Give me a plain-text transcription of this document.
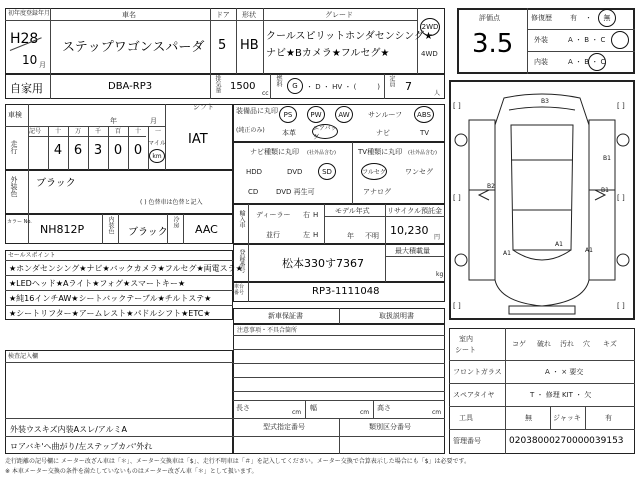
初年度登録年月
H28
10 月
車名
ステップワゴンスパーダ
ドア
5
形状
HB
グレード
クールスピリットホンダセンシング★
ナビ★Bカメラ★フルセグ★
2WD
4WD
評価点
3.5
修復歴	有 ・	無
外装	A ・ B ・ C
内装	A ・ B ・ C
自家用	DBA-RP3	排気量 1500
cc
燃料	G	・ D ・ HV ・ (　　　) 定員 7
人
車検
年	月
シフト
IAT
走行
記号	十	万	千	百	十	一
4 6 3 0 0 マイル
km
外装色 ブラック
( ) 色替車は色替と記入
カラー No.
NH812P	内装色 ブラック
冷房
AAC
セールスポイント
★ホンダセンシング★ナビ★バックカメラ★フルセグ★両電スラ★
★LEDヘッド★Aライト★フォグ★スマートキー★
★純16インチAW★シートバックテーブル★チルトステ★
★シートリフター★アームレスト★パドルシフト★ETC★
検査記入欄
外装ウスキズ内装Aスレ/アルミA
ロアバキ'ヘ曲がり/左ステップカバ'外れ
装備品に丸印
(純正のみ)
PS	PW	AW	サンルーフ	ABS
本革
エアバッグ	ナビ	TV
ナビ種類に丸印 (社外品含む)
HDD	DVD	SD
CD	DVD 再生可
TV種類に丸印 (社外品含む)
フルセグ	ワンセグ
アナログ
輸入車 ディーラー
並行
右 H
左 H
モデル年式
年 不明
リサイクル預託金
10,230
円
登録番号	松本330す7367
最大積載量
kg
車台番号	RP3-1111048
新車保証書	取扱説明書
注意事項・不具合箇所
長さ
cm
幅
cm
高さ
cm
型式指定番号	類別区分番号
[ ]	[ ]
[ ]	[ ]
[ ]	[ ]
B3
B1
B2
B1
A1
A1	A1
室内
シート
コゲ 破れ 汚れ 穴 キズ
フロントガラス	A ・ × 要交
スペアタイヤ	T ・ 修理 KIT ・ 欠
工具	無	ジャッキ	有
管理番号	02038000270000039153
走行距離の記号欄に メーター改ざん車は「＊」、メーター交換車は「$」、走行不明車は「＃」を記入してください。メーター交換で合算表示した場合にも「$」は必要です。
※ 本車メーター交換の条件を満たしていないものはメーター改ざん車「＊」として扱います。
